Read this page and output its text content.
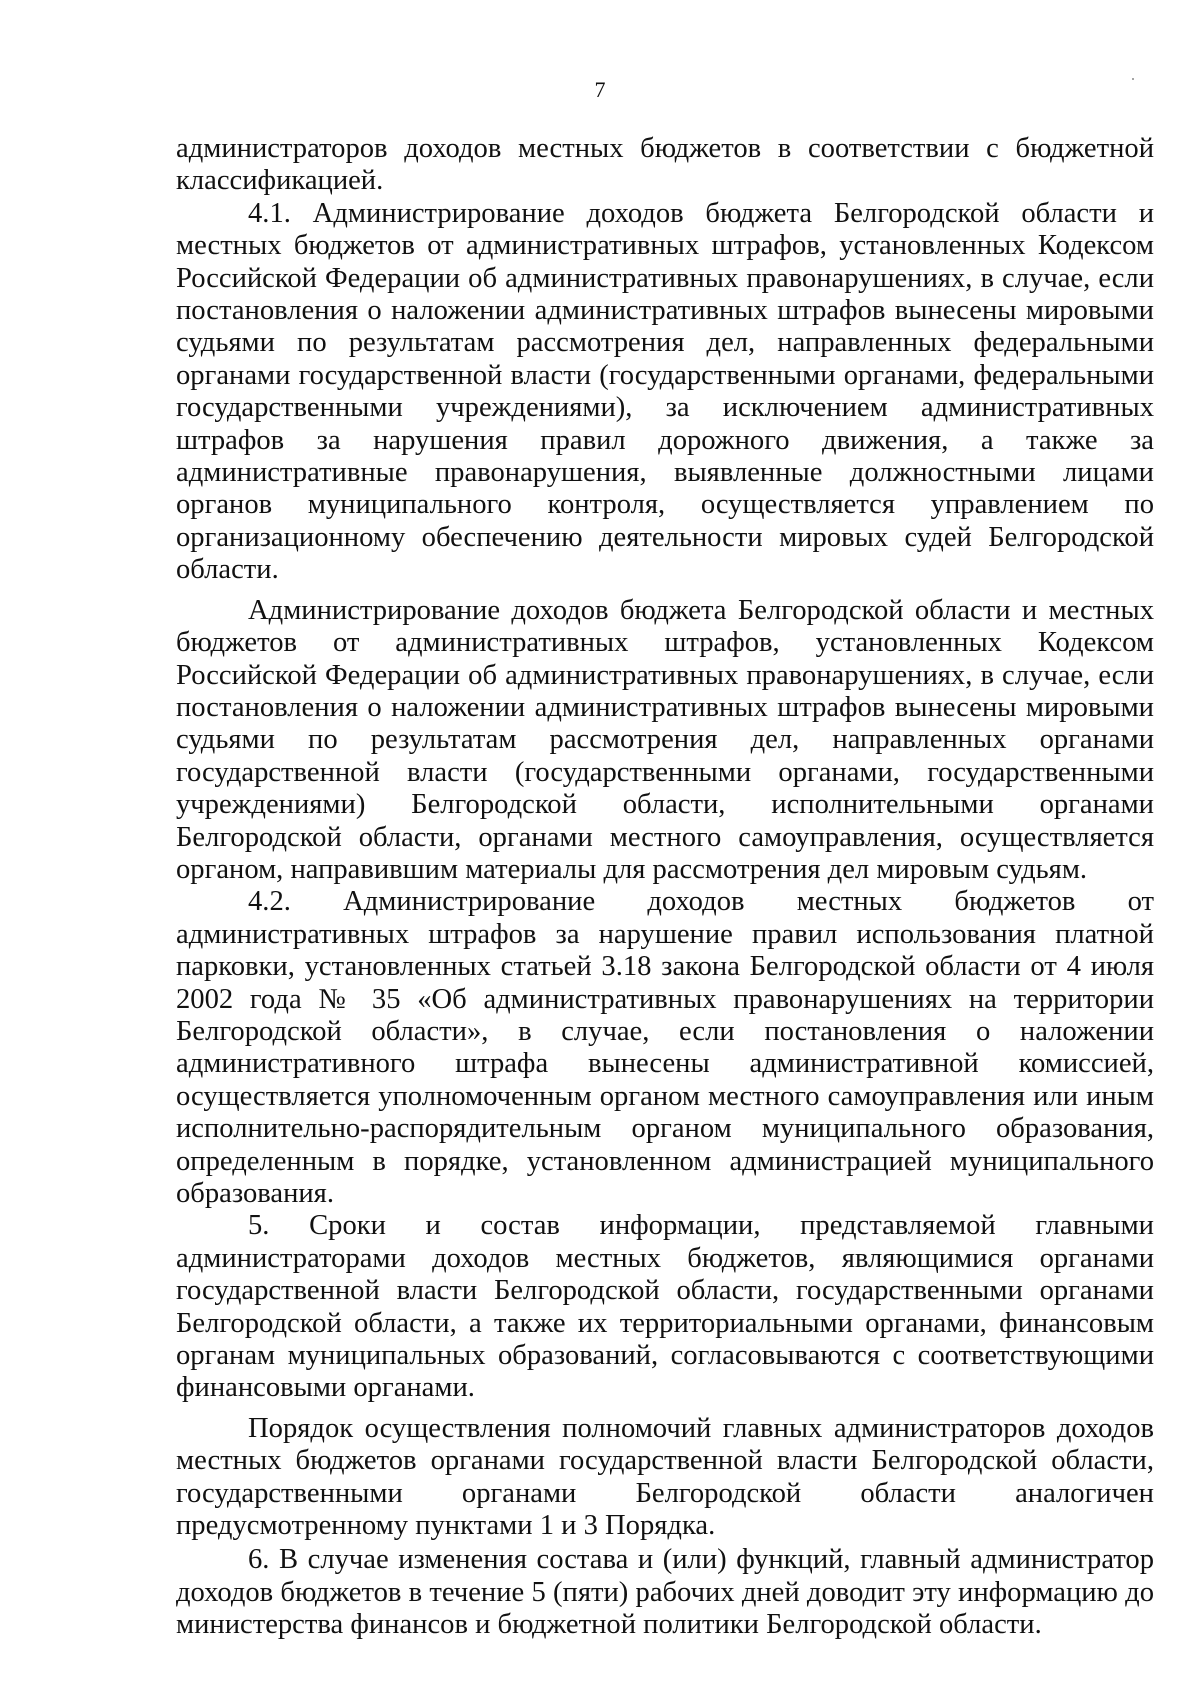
7

администраторов доходов местных бюджетов в соответствии с бюджетной классификацией.

4.1. Администрирование доходов бюджета Белгородской области и местных бюджетов от административных штрафов, установленных Кодексом Российской Федерации об административных правонарушениях, в случае, если постановления о наложении административных штрафов вынесены мировыми судьями по результатам рассмотрения дел, направленных федеральными органами государственной власти (государственными органами, федеральными государственными учреждениями), за исключением административных штрафов за нарушения правил дорожного движения, а также за административные правонарушения, выявленные должностными лицами органов муниципального контроля, осуществляется управлением по организационному обеспечению деятельности мировых судей Белгородской области.

Администрирование доходов бюджета Белгородской области и местных бюджетов от административных штрафов, установленных Кодексом Российской Федерации об административных правонарушениях, в случае, если постановления о наложении административных штрафов вынесены мировыми судьями по результатам рассмотрения дел, направленных органами государственной власти (государственными органами, государственными учреждениями) Белгородской области, исполнительными органами Белгородской области, органами местного самоуправления, осуществляется органом, направившим материалы для рассмотрения дел мировым судьям.

4.2. Администрирование доходов местных бюджетов от административных штрафов за нарушение правил использования платной парковки, установленных статьей 3.18 закона Белгородской области от 4 июля 2002 года № 35 «Об административных правонарушениях на территории Белгородской области», в случае, если постановления о наложении административного штрафа вынесены административной комиссией, осуществляется уполномоченным органом местного самоуправления или иным исполнительно-распорядительным органом муниципального образования, определенным в порядке, установленном администрацией муниципального образования.

5. Сроки и состав информации, представляемой главными администраторами доходов местных бюджетов, являющимися органами государственной власти Белгородской области, государственными органами Белгородской области, а также их территориальными органами, финансовым органам муниципальных образований, согласовываются с соответствующими финансовыми органами.

Порядок осуществления полномочий главных администраторов доходов местных бюджетов органами государственной власти Белгородской области, государственными органами Белгородской области аналогичен предусмотренному пунктами 1 и 3 Порядка.

6. В случае изменения состава и (или) функций, главный администратор доходов бюджетов в течение 5 (пяти) рабочих дней доводит эту информацию до министерства финансов и бюджетной политики Белгородской области.
